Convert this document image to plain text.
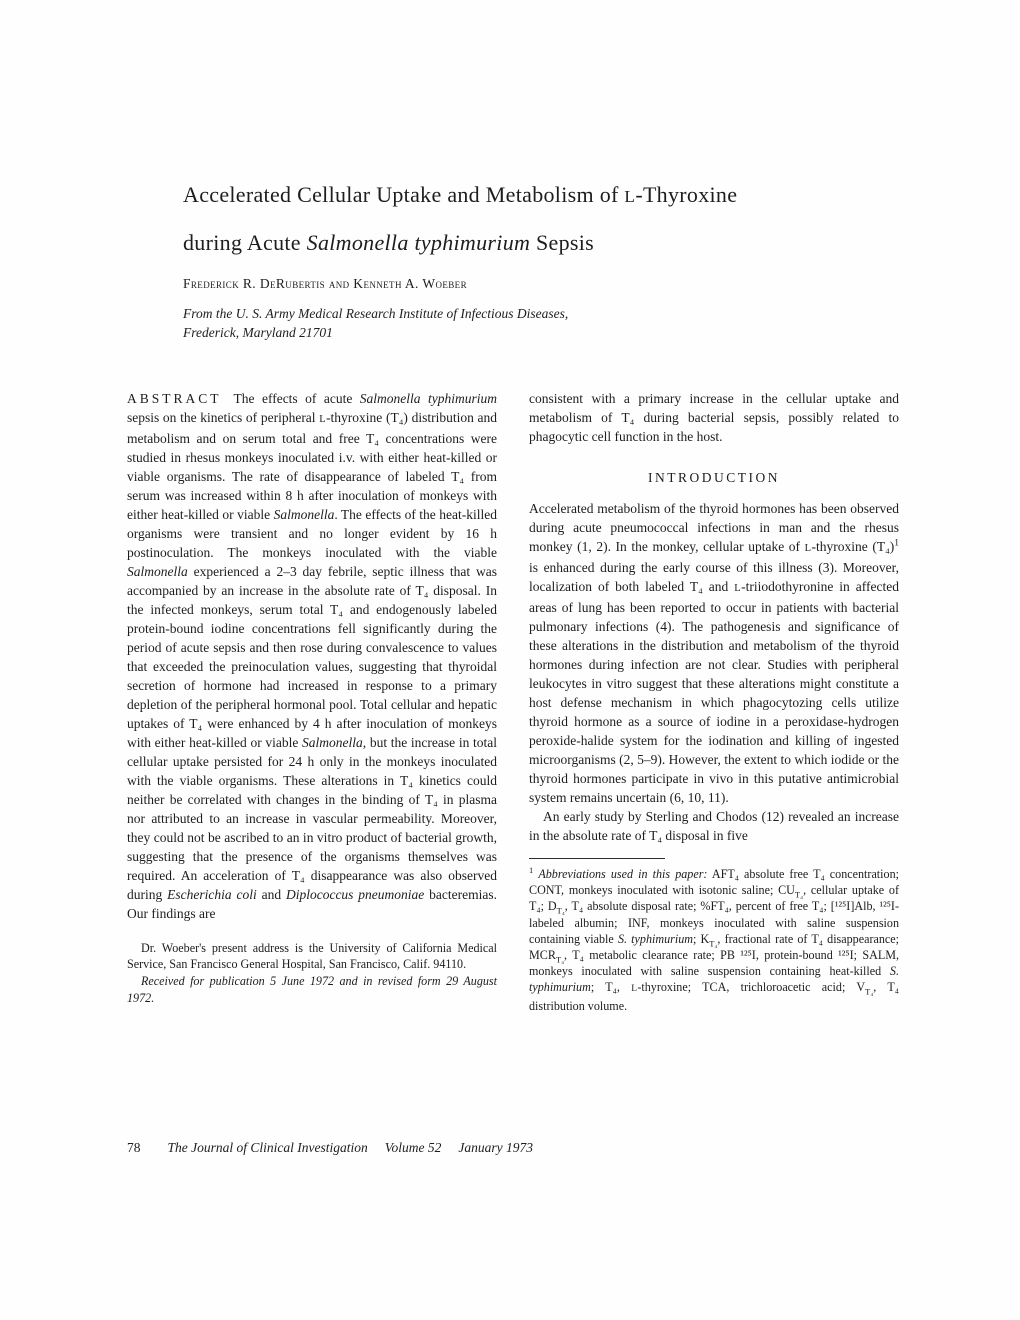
Accelerated Cellular Uptake and Metabolism of L-Thyroxine
during Acute Salmonella typhimurium Sepsis
Frederick R. DeRubertis and Kenneth A. Woeber
From the U. S. Army Medical Research Institute of Infectious Diseases,
Frederick, Maryland 21701

ABSTRACT The effects of acute Salmonella typhimurium sepsis on the kinetics of peripheral L-thyroxine (T₄) distribution and metabolism and on serum total and free T₄ concentrations were studied in rhesus monkeys inoculated i.v. with either heat-killed or viable organisms. The rate of disappearance of labeled T₄ from serum was increased within 8 h after inoculation of monkeys with either heat-killed or viable Salmonella. The effects of the heat-killed organisms were transient and no longer evident by 16 h postinoculation. The monkeys inoculated with the viable Salmonella experienced a 2–3 day febrile, septic illness that was accompanied by an increase in the absolute rate of T₄ disposal. In the infected monkeys, serum total T₄ and endogenously labeled protein-bound iodine concentrations fell significantly during the period of acute sepsis and then rose during convalescence to values that exceeded the preinoculation values, suggesting that thyroidal secretion of hormone had increased in response to a primary depletion of the peripheral hormonal pool. Total cellular and hepatic uptakes of T₄ were enhanced by 4 h after inoculation of monkeys with either heat-killed or viable Salmonella, but the increase in total cellular uptake persisted for 24 h only in the monkeys inoculated with the viable organisms. These alterations in T₄ kinetics could neither be correlated with changes in the binding of T₄ in plasma nor attributed to an increase in vascular permeability. Moreover, they could not be ascribed to an in vitro product of bacterial growth, suggesting that the presence of the organisms themselves was required. An acceleration of T₄ disappearance was also observed during Escherichia coli and Diplococcus pneumoniae bacteremias. Our findings are

Dr. Woeber's present address is the University of California Medical Service, San Francisco General Hospital, San Francisco, Calif. 94110.

Received for publication 5 June 1972 and in revised form 29 August 1972.

consistent with a primary increase in the cellular uptake and metabolism of T₄ during bacterial sepsis, possibly related to phagocytic cell function in the host.

INTRODUCTION

Accelerated metabolism of the thyroid hormones has been observed during acute pneumococcal infections in man and the rhesus monkey (1, 2). In the monkey, cellular uptake of L-thyroxine $(T_4)^1$ is enhanced during the early course of this illness (3). Moreover, localization of both labeled T₄ and L-triiodothyronine in affected areas of lung has been reported to occur in patients with bacterial pulmonary infections (4). The pathogenesis and significance of these alterations in the distribution and metabolism of the thyroid hormones during infection are not clear. Studies with peripheral leukocytes in vitro suggest that these alterations might constitute a host defense mechanism in which phagocytozing cells utilize thyroid hormone as a source of iodine in a peroxidase-hydrogen peroxide-halide system for the iodination and killing of ingested microorganisms (2, 5–9). However, the extent to which iodide or the thyroid hormones participate in vivo in this putative antimicrobial system remains uncertain (6, 10, 11).

An early study by Sterling and Chodos (12) revealed an increase in the absolute rate of T₄ disposal in five

$^1$ Abbreviations used in this paper: AFT₄ absolute free T₄ concentration; CONT, monkeys inoculated with isotonic saline; $CU_{T_4}$, cellular uptake of T₄; $D_{T_4}$, T₄ absolute disposal rate; %FT₄, percent of free T₄; [¹²⁵I]Alb, ¹²⁵I-labeled albumin; INF, monkeys inoculated with saline suspension containing viable S. typhimurium; $K_{T_4}$, fractional rate of T₄ disappearance; $MCR_{T_4}$, T₄ metabolic clearance rate; PB ¹²⁵I, protein-bound ¹²⁵I; SALM, monkeys inoculated with saline suspension containing heat-killed S. typhimurium; T₄, L-thyroxine; TCA, trichloroacetic acid; $V_{T_4}$, T₄ distribution volume.

78 The Journal of Clinical Investigation Volume 52 January 1973
